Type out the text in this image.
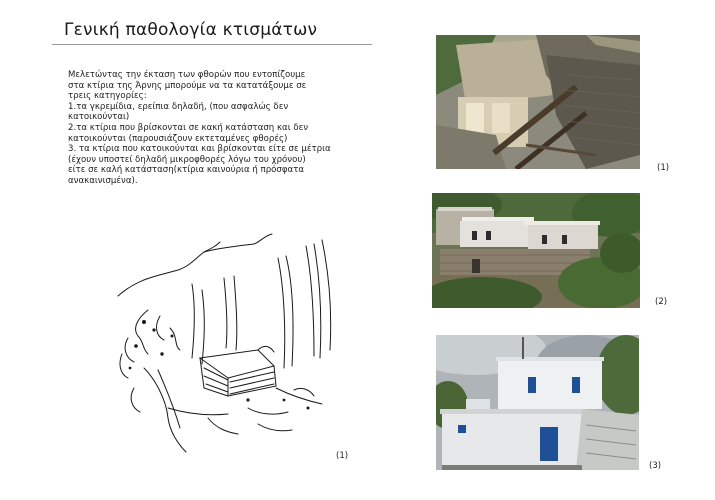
Γενική παθολογία κτισμάτων
Μελετώντας την έκταση των φθορών που εντοπίζουμε
στα κτίρια της Άρνης μπορούμε να τα κατατάξουμε σε
τρεις κατηγορίες:
1.τα γκρεμίδια, ερείπια δηλαδή, (που ασφαλώς δεν
κατοικούνται)
2.τα κτίρια που βρίσκονται σε κακή κατάσταση και δεν
κατοικούνται (παρουσιάζουν εκτεταμένες φθορές)
3. τα κτίρια που κατοικούνται και βρίσκονται είτε σε μέτρια
(έχουν υποστεί δηλαδή μικροφθορές λόγω του χρόνου)
είτε σε καλή κατάσταση(κτίρια καινούρια ή πρόσφατα
ανακαινισμένα).
(1)
(2)
(3)
(1)
